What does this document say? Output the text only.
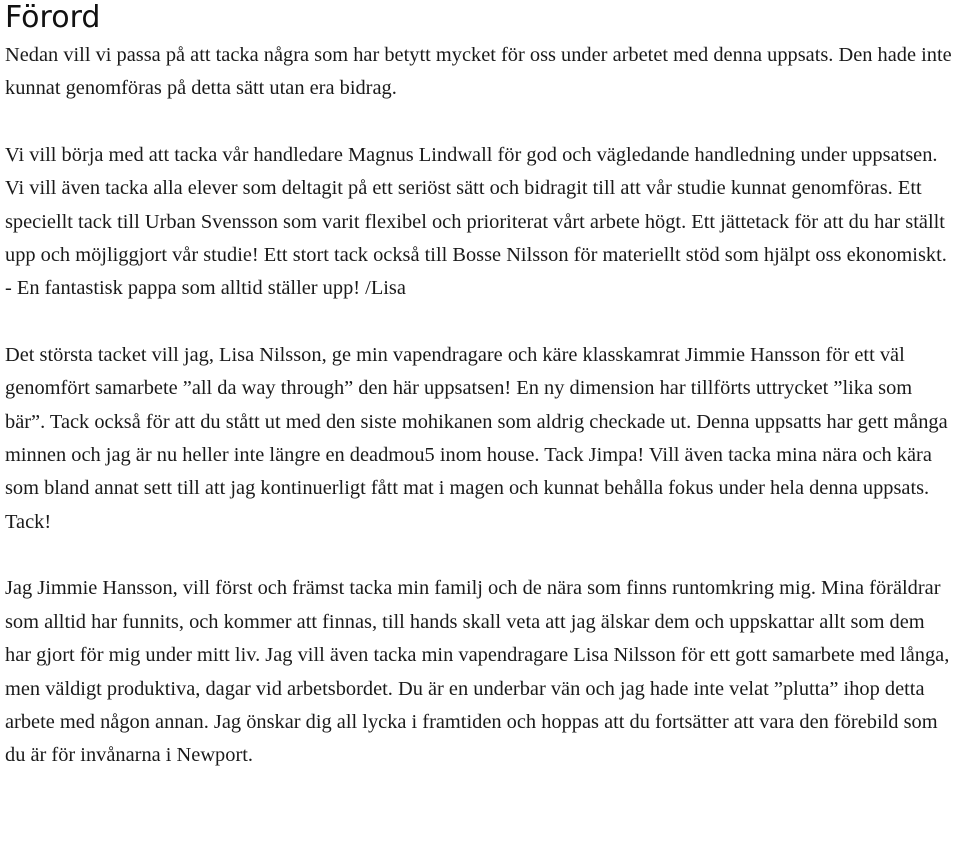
Förord

Nedan vill vi passa på att tacka några som har betytt mycket för oss under arbetet med denna uppsats. Den hade inte kunnat genomföras på detta sätt utan era bidrag.

Vi vill börja med att tacka vår handledare Magnus Lindwall för god och vägledande handledning under uppsatsen. Vi vill även tacka alla elever som deltagit på ett seriöst sätt och bidragit till att vår studie kunnat genomföras. Ett speciellt tack till Urban Svensson som varit flexibel och prioriterat vårt arbete högt. Ett jättetack för att du har ställt upp och möjliggjort vår studie! Ett stort tack också till Bosse Nilsson för materiellt stöd som hjälpt oss ekonomiskt. - En fantastisk pappa som alltid ställer upp! /Lisa

Det största tacket vill jag, Lisa Nilsson, ge min vapendragare och käre klasskamrat Jimmie Hansson för ett väl genomfört samarbete ”all da way through” den här uppsatsen! En ny dimension har tillförts uttrycket ”lika som bär”. Tack också för att du stått ut med den siste mohikanen som aldrig checkade ut. Denna uppsatts har gett många minnen och jag är nu heller inte längre en deadmou5 inom house. Tack Jimpa! Vill även tacka mina nära och kära som bland annat sett till att jag kontinuerligt fått mat i magen och kunnat behålla fokus under hela denna uppsats. Tack!

Jag Jimmie Hansson, vill först och främst tacka min familj och de nära som finns runtomkring mig. Mina föräldrar som alltid har funnits, och kommer att finnas, till hands skall veta att jag älskar dem och uppskattar allt som dem har gjort för mig under mitt liv. Jag vill även tacka min vapendragare Lisa Nilsson för ett gott samarbete med långa, men väldigt produktiva, dagar vid arbetsbordet. Du är en underbar vän och jag hade inte velat ”plutta” ihop detta arbete med någon annan. Jag önskar dig all lycka i framtiden och hoppas att du fortsätter att vara den förebild som du är för invånarna i Newport.
